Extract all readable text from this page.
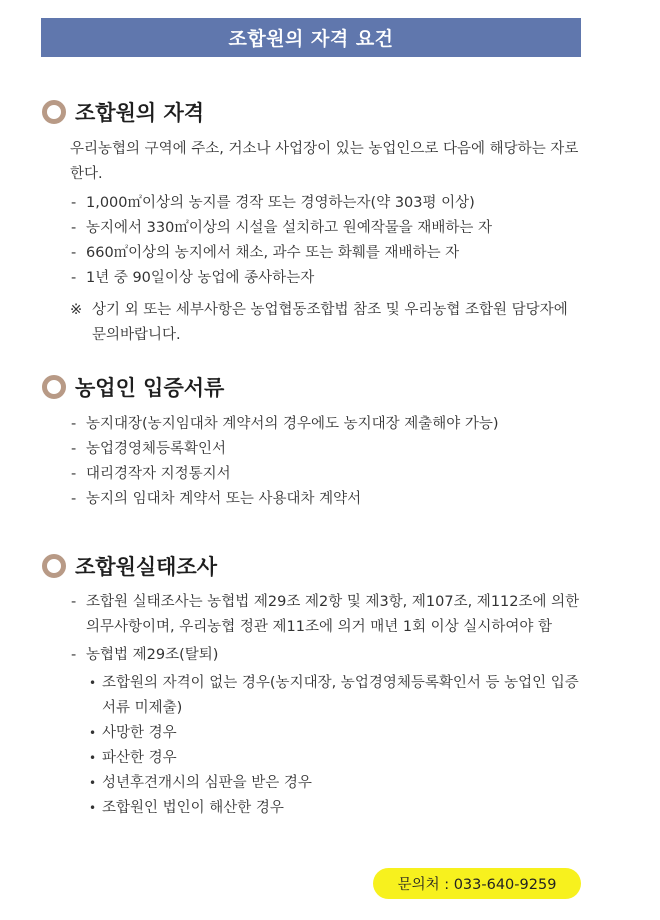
조합원의 자격 요건
조합원의 자격

우리농협의 구역에 주소, 거소나 사업장이 있는 농업인으로 다음에 해당하는 자로 한다.

- 1,000㎡이상의 농지를 경작 또는 경영하는자(약 303평 이상)

- 농지에서 330㎡이상의 시설을 설치하고 원예작물을 재배하는 자

- 660㎡이상의 농지에서 채소, 과수 또는 화훼를 재배하는 자

- 1년 중 90일이상 농업에 종사하는자

※ 상기 외 또는 세부사항은 농업협동조합법 참조 및 우리농협 조합원 담당자에 문의바랍니다.
농업인 입증서류

- 농지대장(농지임대차 계약서의 경우에도 농지대장 제출해야 가능)

- 농업경영체등록확인서

- 대리경작자 지정통지서

- 농지의 임대차 계약서 또는 사용대차 계약서

조합원실태조사

- 조합원 실태조사는 농협법 제29조 제2항 및 제3항, 제107조, 제112조에 의한 의무사항이며, 우리농협 정관 제11조에 의거 매년 1회 이상 실시하여야 함

- 농협법 제29조(탈퇴)

• 조합원의 자격이 없는 경우(농지대장, 농업경영체등록확인서 등 농업인 입증서류 미제출)

• 사망한 경우

• 파산한 경우

• 성년후견개시의 심판을 받은 경우

• 조합원인 법인이 해산한 경우

문의처 : 033-640-9259
